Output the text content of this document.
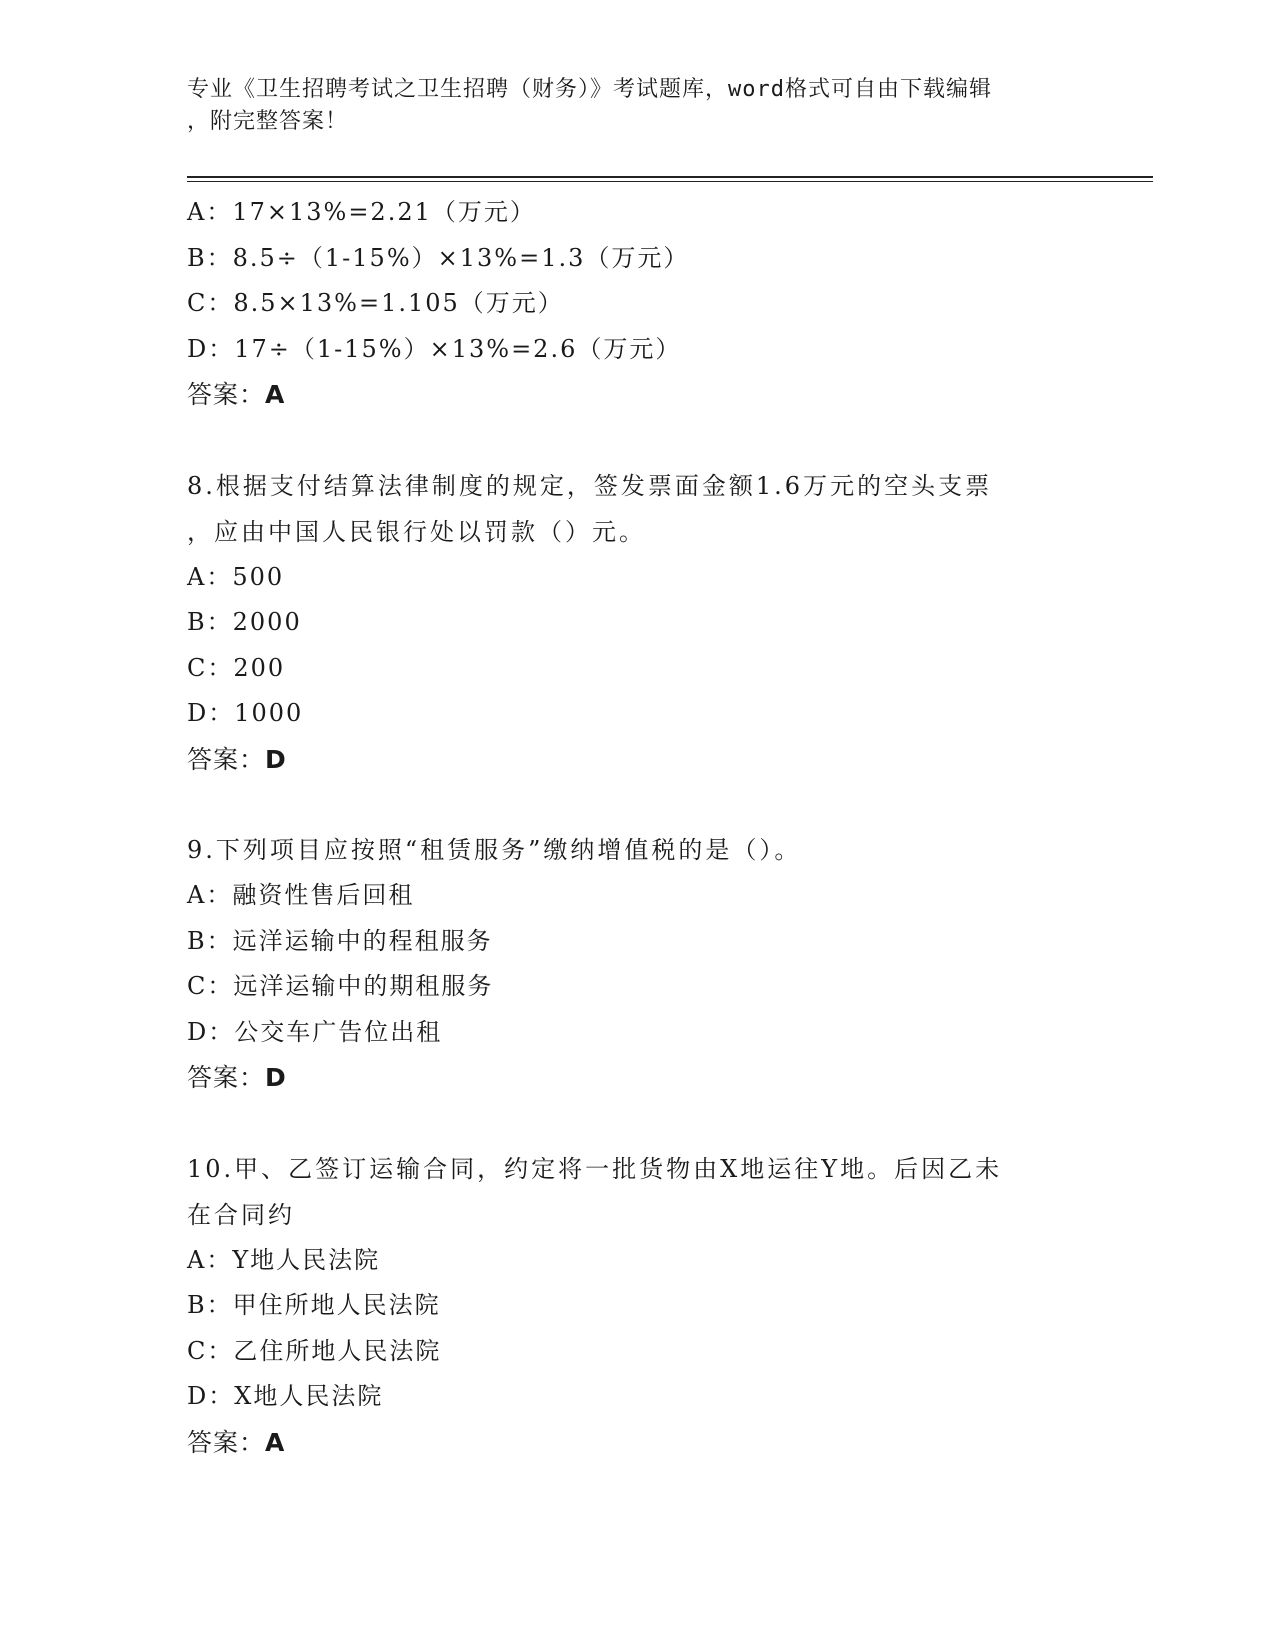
专业《卫生招聘考试之卫生招聘（财务）》考试题库，word格式可自由下载编辑
，附完整答案！
A：17×13%=2.21（万元）
B：8.5÷（1-15%）×13%=1.3（万元）
C：8.5×13%=1.105（万元）
D：17÷（1-15%）×13%=2.6（万元）
答案：A
8.根据支付结算法律制度的规定，签发票面金额1.6万元的空头支票
，应由中国人民银行处以罚款（）元。
A：500
B：2000
C：200
D：1000
答案：D
9.下列项目应按照“租赁服务”缴纳增值税的是（）。
A：融资性售后回租
B：远洋运输中的程租服务
C：远洋运输中的期租服务
D：公交车广告位出租
答案：D
10.甲、乙签订运输合同，约定将一批货物由X地运往Y地。后因乙未
在合同约
A：Y地人民法院
B：甲住所地人民法院
C：乙住所地人民法院
D：X地人民法院
答案：A
